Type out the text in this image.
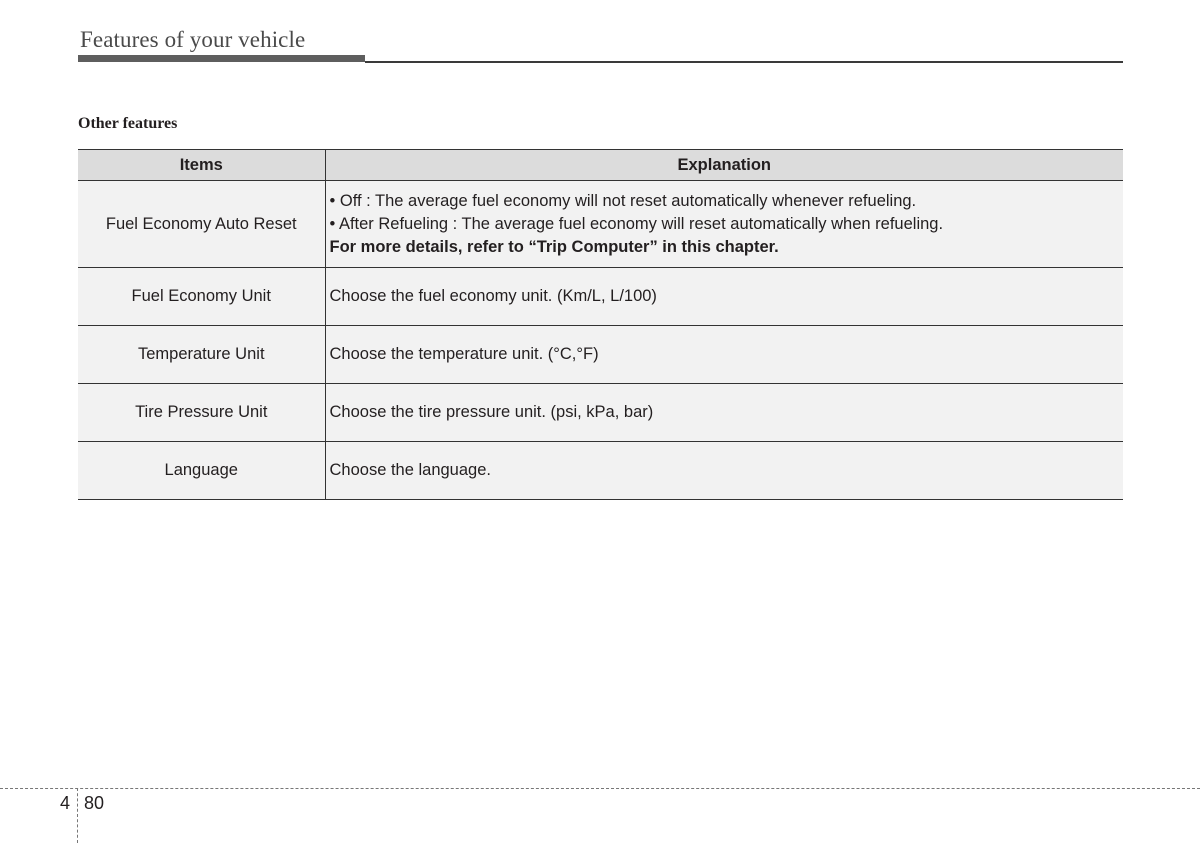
Features of your vehicle
Other features
Items	Explanation
Fuel Economy Auto Reset	• Off : The average fuel economy will not reset automatically whenever refueling.
• After Refueling : The average fuel economy will reset automatically when refueling.
For more details, refer to “Trip Computer” in this chapter.

Fuel Economy Unit	Choose the fuel economy unit. (Km/L, L/100)
Temperature Unit	Choose the temperature unit. (°C,°F)
Tire Pressure Unit	Choose the tire pressure unit. (psi, kPa, bar)
Language	Choose the language.
4 80
